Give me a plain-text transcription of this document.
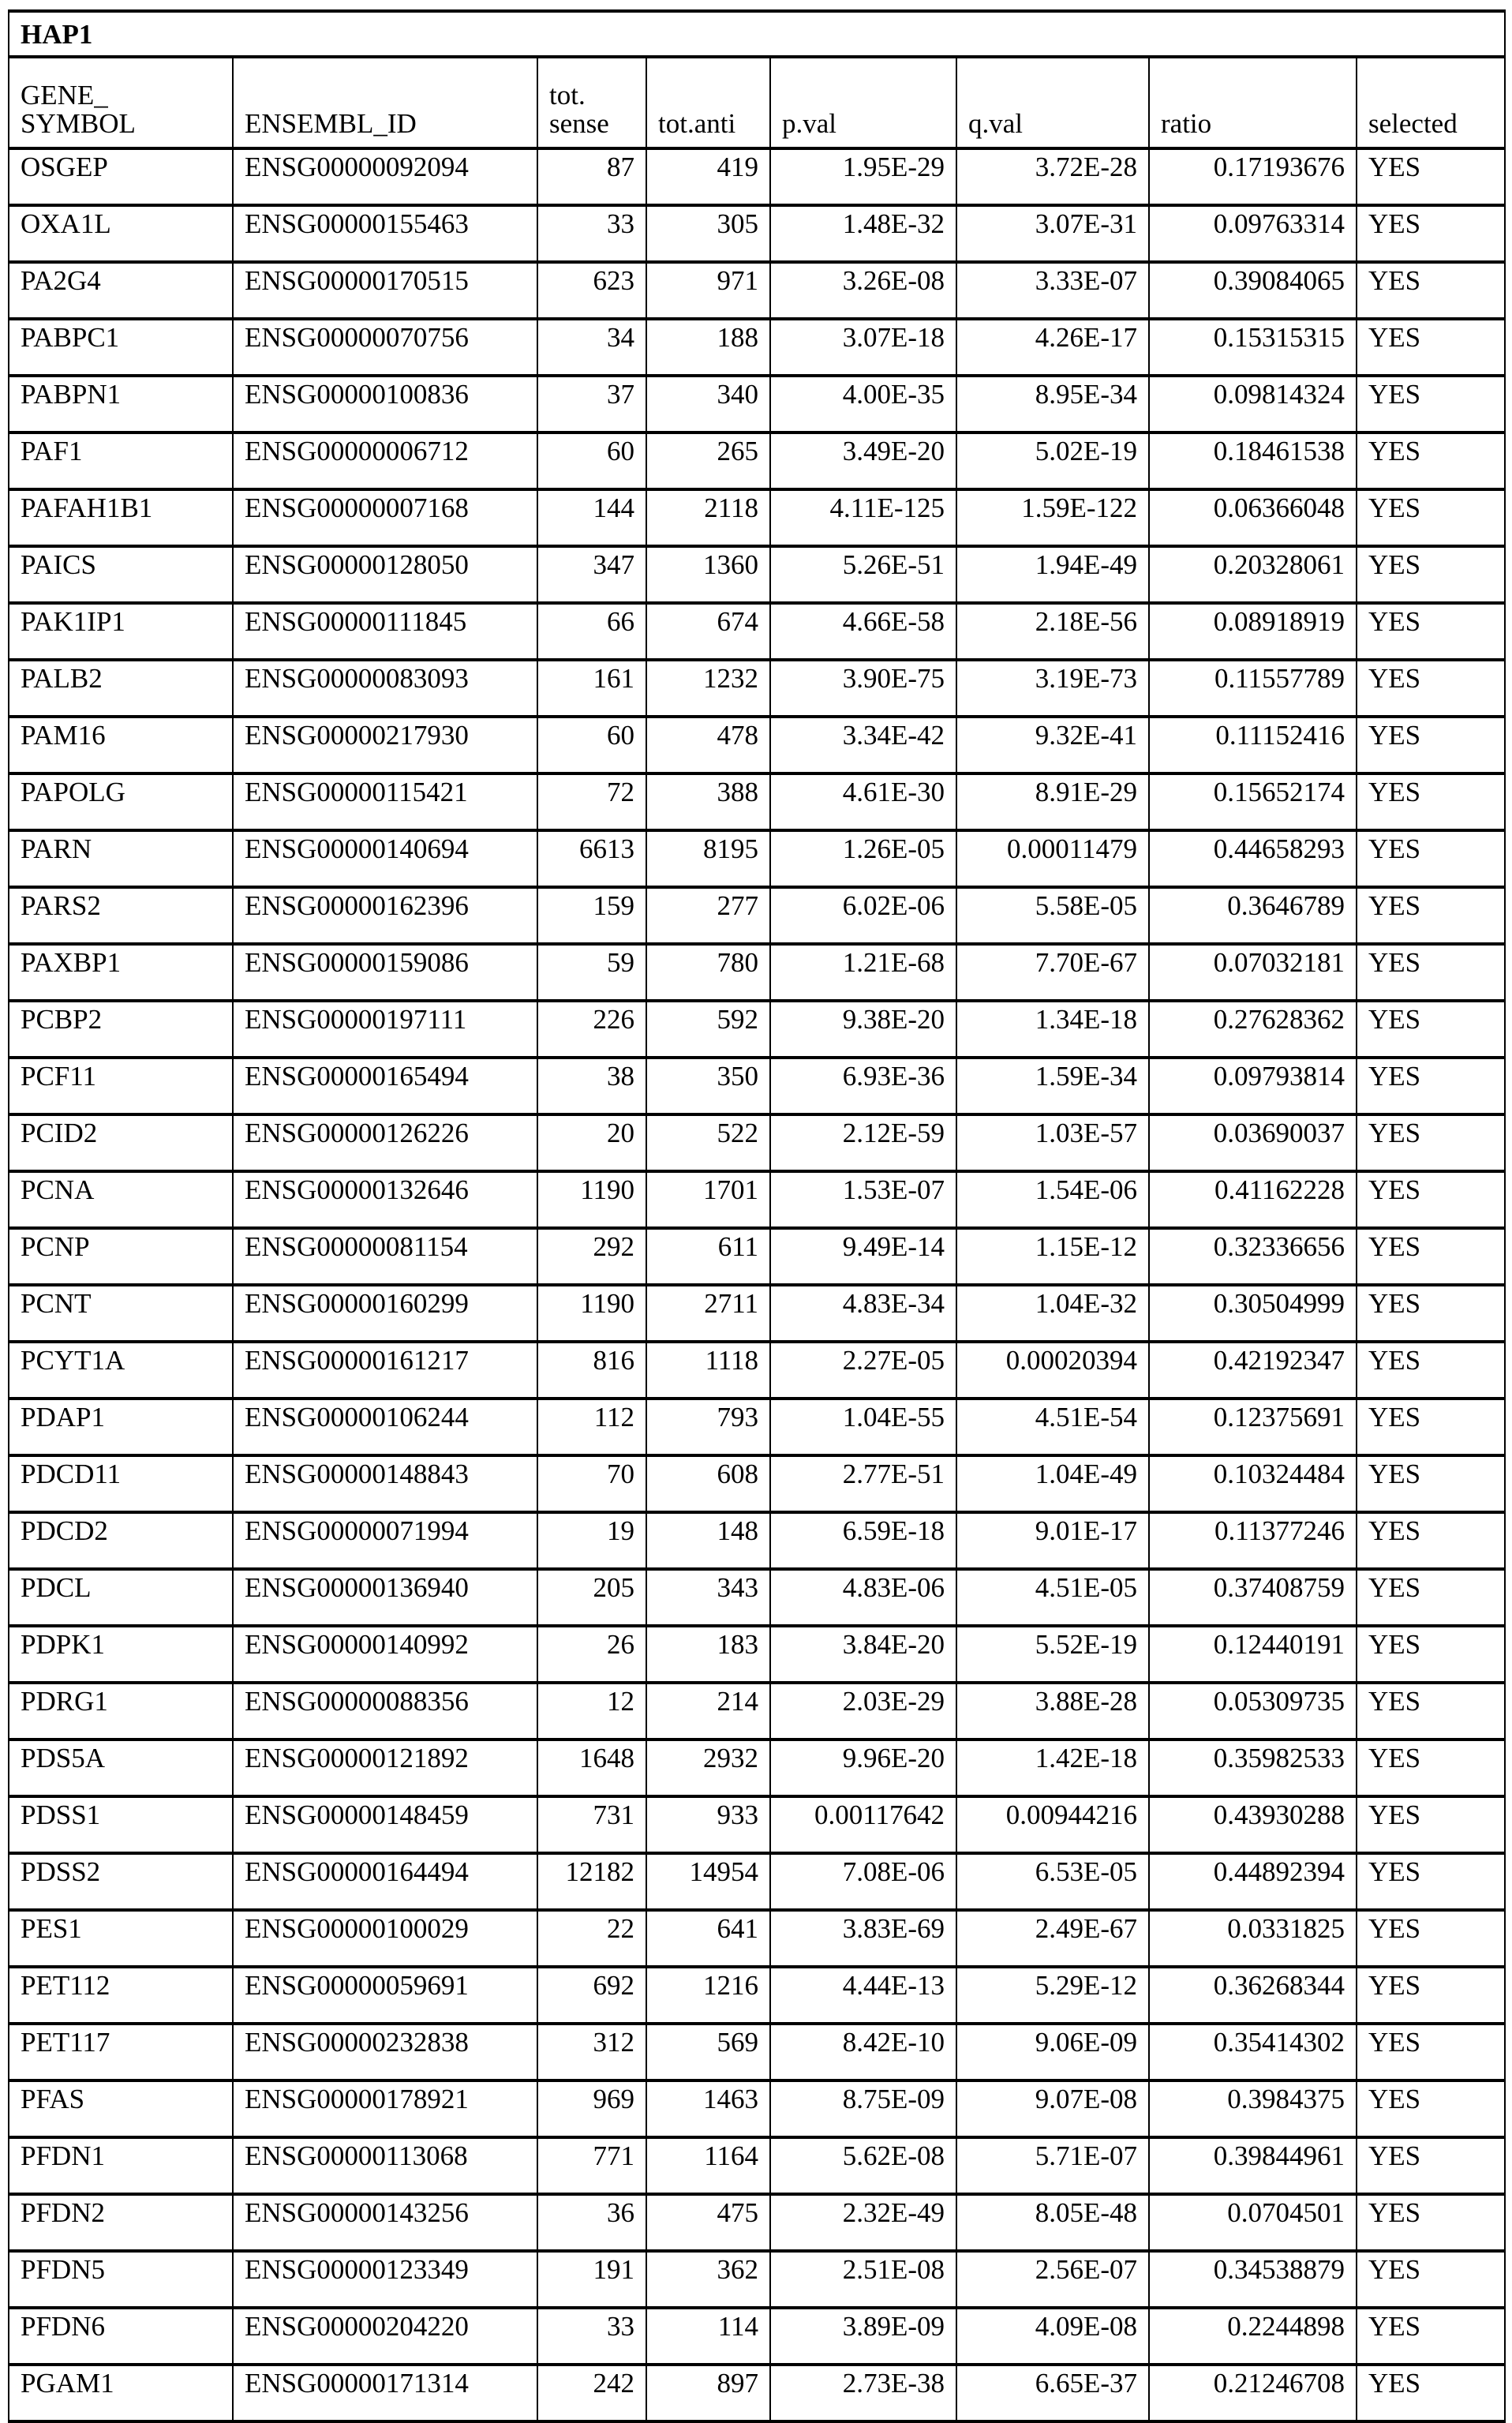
HAP1							
GENE_ SYMBOL	ENSEMBL_ID	tot. sense	tot.anti	p.val	q.val	ratio	selected
OSGEP	ENSG00000092094	87	419	1.95E-29	3.72E-28	0.17193676	YES
OXA1L	ENSG00000155463	33	305	1.48E-32	3.07E-31	0.09763314	YES
PA2G4	ENSG00000170515	623	971	3.26E-08	3.33E-07	0.39084065	YES
PABPC1	ENSG00000070756	34	188	3.07E-18	4.26E-17	0.15315315	YES
PABPN1	ENSG00000100836	37	340	4.00E-35	8.95E-34	0.09814324	YES
PAF1	ENSG00000006712	60	265	3.49E-20	5.02E-19	0.18461538	YES
PAFAH1B1	ENSG00000007168	144	2118	4.11E-125	1.59E-122	0.06366048	YES
PAICS	ENSG00000128050	347	1360	5.26E-51	1.94E-49	0.20328061	YES
PAK1IP1	ENSG00000111845	66	674	4.66E-58	2.18E-56	0.08918919	YES
PALB2	ENSG00000083093	161	1232	3.90E-75	3.19E-73	0.11557789	YES
PAM16	ENSG00000217930	60	478	3.34E-42	9.32E-41	0.11152416	YES
PAPOLG	ENSG00000115421	72	388	4.61E-30	8.91E-29	0.15652174	YES
PARN	ENSG00000140694	6613	8195	1.26E-05	0.00011479	0.44658293	YES
PARS2	ENSG00000162396	159	277	6.02E-06	5.58E-05	0.3646789	YES
PAXBP1	ENSG00000159086	59	780	1.21E-68	7.70E-67	0.07032181	YES
PCBP2	ENSG00000197111	226	592	9.38E-20	1.34E-18	0.27628362	YES
PCF11	ENSG00000165494	38	350	6.93E-36	1.59E-34	0.09793814	YES
PCID2	ENSG00000126226	20	522	2.12E-59	1.03E-57	0.03690037	YES
PCNA	ENSG00000132646	1190	1701	1.53E-07	1.54E-06	0.41162228	YES
PCNP	ENSG00000081154	292	611	9.49E-14	1.15E-12	0.32336656	YES
PCNT	ENSG00000160299	1190	2711	4.83E-34	1.04E-32	0.30504999	YES
PCYT1A	ENSG00000161217	816	1118	2.27E-05	0.00020394	0.42192347	YES
PDAP1	ENSG00000106244	112	793	1.04E-55	4.51E-54	0.12375691	YES
PDCD11	ENSG00000148843	70	608	2.77E-51	1.04E-49	0.10324484	YES
PDCD2	ENSG00000071994	19	148	6.59E-18	9.01E-17	0.11377246	YES
PDCL	ENSG00000136940	205	343	4.83E-06	4.51E-05	0.37408759	YES
PDPK1	ENSG00000140992	26	183	3.84E-20	5.52E-19	0.12440191	YES
PDRG1	ENSG00000088356	12	214	2.03E-29	3.88E-28	0.05309735	YES
PDS5A	ENSG00000121892	1648	2932	9.96E-20	1.42E-18	0.35982533	YES
PDSS1	ENSG00000148459	731	933	0.00117642	0.00944216	0.43930288	YES
PDSS2	ENSG00000164494	12182	14954	7.08E-06	6.53E-05	0.44892394	YES
PES1	ENSG00000100029	22	641	3.83E-69	2.49E-67	0.0331825	YES
PET112	ENSG00000059691	692	1216	4.44E-13	5.29E-12	0.36268344	YES
PET117	ENSG00000232838	312	569	8.42E-10	9.06E-09	0.35414302	YES
PFAS	ENSG00000178921	969	1463	8.75E-09	9.07E-08	0.3984375	YES
PFDN1	ENSG00000113068	771	1164	5.62E-08	5.71E-07	0.39844961	YES
PFDN2	ENSG00000143256	36	475	2.32E-49	8.05E-48	0.0704501	YES
PFDN5	ENSG00000123349	191	362	2.51E-08	2.56E-07	0.34538879	YES
PFDN6	ENSG00000204220	33	114	3.89E-09	4.09E-08	0.2244898	YES
PGAM1	ENSG00000171314	242	897	2.73E-38	6.65E-37	0.21246708	YES
